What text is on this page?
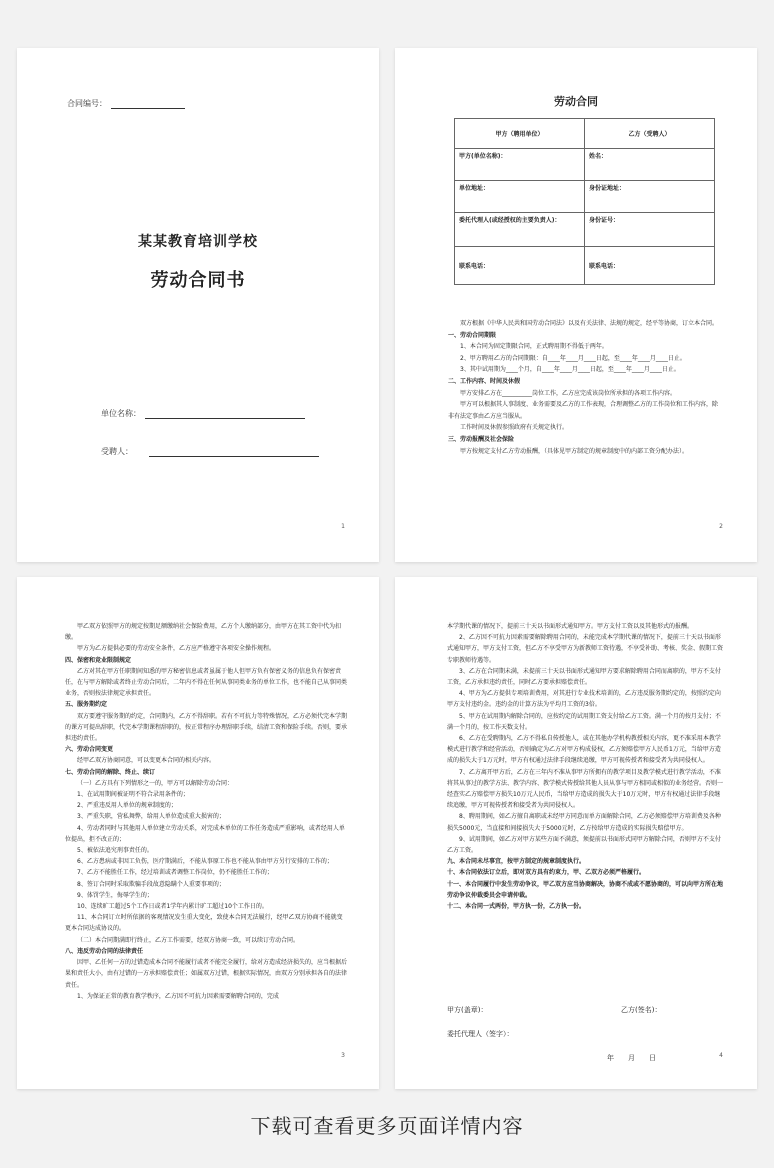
合同编号：
某某教育培训学校
劳动合同书
单位名称：
受聘人：
1
劳动合同
甲方（聘用单位）	乙方（受聘人）
甲方(单位名称)：	姓名：
单位地址：	身份证地址：
委托代理人(或经授权的主要负责人)：	身份证号：
联系电话：	联系电话：

双方根据《中华人民共和国劳动合同法》以及有关法律、法规的规定，经平等协商，订立本合同。

一、劳动合同期限

1、本合同为固定期限合同，正式聘用期不得低于两年。

2、甲方聘用乙方的合同期限：自____年____月____日起，至____年____月____日止。

3、其中试用期为____个月，自____年____月____日起，至____年____月____日止。

二、工作内容、时间及休假

甲方安排乙方在__________岗位工作，乙方应完成该岗位所承担的各项工作内容。

甲方可以根据其人事制度、业务需要及乙方的工作表现，合理调整乙方的工作岗位和工作内容，除非有法定事由乙方应当服从。

工作时间及休假参照政府有关规定执行。

三、劳动报酬及社会保险

甲方按规定支付乙方劳动报酬，（具体见甲方制定的规章制度中的内部工资分配办法）。

2

甲乙双方依照甲方的规定按期足额缴纳社会保险费用，乙方个人缴纳部分，由甲方在其工资中代为扣缴。

甲方为乙方提供必要的劳动安全条件，乙方应严格遵守各项安全操作规程。

四、保密和竞业限制规定

乙方对其在甲方任职期间知悉的甲方秘密信息或者虽属于他人但甲方负有保密义务的信息负有保密责任，在与甲方解除或者终止劳动合同后，二年内不得在任何从事同类业务的单位工作，也不能自己从事同类业务，否则按法律规定承担责任。

五、服务期约定

双方要遵守服务期的约定，合同期内，乙方不得辞职。若有不可抗力等特殊情况，乙方必须代完本学期的课方可提出辞职，代完本学期课程辞职的，按正常程序办理辞职手续，结清工资和保险手续。否则，要承担违约责任。

六、劳动合同变更

经甲乙双方协商同意，可以变更本合同的相关内容。

七、劳动合同的解除、终止、续订

（一）乙方具有下列情形之一的，甲方可以解除劳动合同：

1、在试用期间被证明不符合录用条件的；

2、严重违反用人单位的规章制度的；

3、严重失职，营私舞弊，给用人单位造成重大损害的；

4、劳动者同时与其他用人单位建立劳动关系，对完成本单位的工作任务造成严重影响，或者经用人单位提出，拒不改正的；

5、被依法追究刑事责任的。

6、乙方患病或非因工负伤，医疗期满后，不能从事原工作也不能从事由甲方另行安排的工作的；

7、乙方不能胜任工作，经过培训或者调整工作岗位，仍不能胜任工作的；

8、签订合同时采取欺骗手段故意隐瞒个人重要事项的；

9、体罚学生，侮辱学生的；

10、连续旷工超过5个工作日或者1学年内累计旷工超过10个工作日的。

11、本合同订立时所依据的客观情况发生重大变化，致使本合同无法履行，经甲乙双方协商不能就变更本合同达成协议的。

（二）本合同期满即行终止，乙方工作需要，经双方协商一致，可以续订劳动合同。

八、违反劳动合同的法律责任

因甲、乙任何一方的过错造成本合同不能履行或者不能完全履行，给对方造成经济损失的，应当根据后果和责任大小，由有过错的一方承担赔偿责任；如属双方过错，根据实际情况，由双方分别承担各自的法律责任。

1、为保证正常的教育教学秩序，乙方因不可抗力因素需要解聘合同的，完成

3

本学期代课的情况下，提前三十天以书面形式通知甲方。甲方支付工资以及其他形式的报酬。

2、乙方因不可抗力因素需要解除聘用合同的，未能完成本学期代课的情况下，提前三十天以书面形式通知甲方，甲方支付工资，但乙方不享受甲方为新教师工资待遇，不享受补助、考核、奖金、假期工资专职教师待遇等。

3、乙方在合同期未满，未提前三十天以书面形式通知甲方要求解除聘用合同而离职的，甲方不支付工资，乙方承担违约责任，同时乙方要承担赔偿责任。

4、甲方为乙方提供专项培训费用，对其进行专业技术培训的，乙方违反服务期约定的，按照约定向甲方支付违约金。违约金的计算方法为平均月工资的3倍。

5、甲方在试用期内解除合同的，应按约定的试用期工资支付给乙方工资。满一个月的按月支付；不满一个月的，按工作天数支付。

6、乙方在受聘期内，乙方不得私自传授他人，或在其他办学机构教授相关内容，更不准采用本教学模式进行教学和经营活动，否则确定为乙方对甲方构成侵权，乙方须赔偿甲方人民币1万元，当给甲方造成的损失大于1万元时，甲方有权通过法律手段继续追缴，甲方可视传授者和接受者为共同侵权人。

7、乙方离开甲方后，乙方在三年内不准从事甲方所拥有的教学项目及教学模式进行教学活动，不准将其从事过的教学方法、教学内容、教学模式传授给其他人员从事与甲方相同或相似的业务经营。否则一经查实乙方赔偿甲方损失10万元人民币，当给甲方造成的损失大于10万元时，甲方有权通过法律手段继续追缴，甲方可视传授者和接受者为共同侵权人。

8、聘用期间，如乙方擅自离职或未经甲方同意而单方面解除合同，乙方必须赔偿甲方培训费及各种损失5000元，当直接和间接损失大于5000元时，乙方按给甲方造成的实际损失赔偿甲方。

9、试用期间，如乙方对甲方某些方面不满意，须提前以书面形式同甲方解除合同，否则甲方不支付乙方工资。

九、本合同未尽事宜，按甲方制定的规章制度执行。

十、本合同依法订立后，即对双方具有约束力，甲、乙双方必须严格履行。

十一、本合同履行中发生劳动争议，甲乙双方应当协商解决，协商不成或不愿协商的，可以向甲方所在地劳动争议仲裁委员会申请仲裁。

十二、本合同一式两份，甲方执一份，乙方执一份。

甲方(盖章)：	乙方(签名)：
委托代理人（签字）：
年　　月　　日	4
下载可查看更多页面详情内容
